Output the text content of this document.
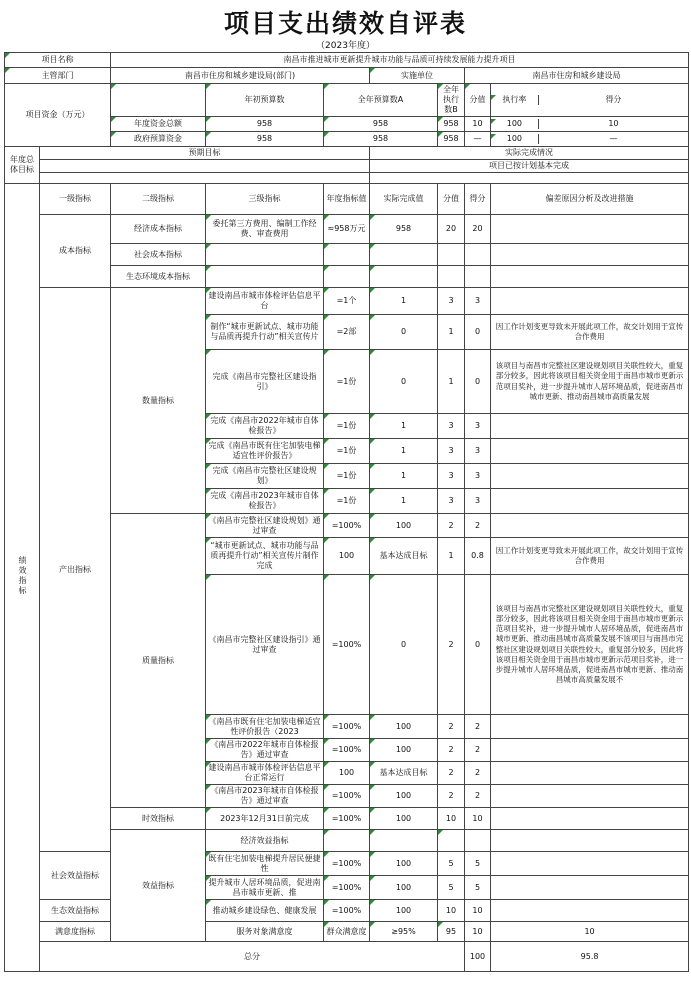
项目支出绩效自评表
（2023年度）
项目名称	南昌市推进城市更新提升城市功能与品质可持续发展能力提升项目
主管部门	南昌市住房和城乡建设局(部门)	实施单位	南昌市住房和城乡建设局
项目资金（万元）		年初预算数	全年预算数A	全年执行数B	分值	执行率	得分

年度资金总额	958	958	958	10		100	10

政府预算资金	958	958	958	—		100	—

年度总体目标	预期目标	实际完成情况
	项目已按计划基本完成

绩效指标	一级指标	二级指标	三级指标	年度指标值	实际完成值	分值	得分	偏差原因分析及改进措施
成本指标	经济成本指标	委托第三方费用、编制工作经费、审查费用	≈958万元	958	20	20	
社会成本指标						
生态环境成本指标						
产出指标	数量指标	建设南昌市城市体检评估信息平台	=1个	1	3	3	
制作“城市更新试点、城市功能与品质再提升行动”相关宣传片	=2部	0	1	0	因工作计划变更导致未开展此项工作，故交计划用于宣传合作费用
完成《南昌市完整社区建设指引》	=1份	0	1	0	该项目与南昌市完整社区建设规划项目关联性较大，重复部分较多，因此将该项目相关资金用于南昌市城市更新示范项目奖补，进一步提升城市人居环境品质，促进南昌市城市更新、推动南昌城市高质量发展
完成《南昌市2022年城市自体检报告》	=1份	1	3	3	
完成《南昌市既有住宅加装电梯适宜性评价报告》	=1份	1	3	3	
完成《南昌市完整社区建设规划》	=1份	1	3	3	
完成《南昌市2023年城市自体检报告》	=1份	1	3	3	
质量指标	《南昌市完整社区建设规划》通过审查	=100%	100	2	2	
“城市更新试点、城市功能与品质再提升行动”相关宣传片制作完成	100	基本达成目标	1	0.8	因工作计划变更导致未开展此项工作，故交计划用于宣传合作费用
《南昌市完整社区建设指引》通过审查	=100%	0	2	0	该项目与南昌市完整社区建设规划项目关联性较大，重复部分较多，因此将该项目相关资金用于南昌市城市更新示范项目奖补，进一步提升城市人居环境品质，促进南昌市城市更新、推动南昌城市高质量发展不该项目与南昌市完整社区建设规划项目关联性较大，重复部分较多，因此将该项目相关资金用于南昌市城市更新示范项目奖补，进一步提升城市人居环境品质，促进南昌市城市更新、推动南昌城市高质量发展不
《南昌市既有住宅加装电梯适宜性评价报告（2023	=100%	100	2	2	
《南昌市2022年城市自体检报告》通过审查	=100%	100	2	2	
建设南昌市城市体检评估信息平台正常运行	100	基本达成目标	2	2	
《南昌市2023年城市自体检报告》通过审查	=100%	100	2	2	
时效指标	2023年12月31日前完成	=100%	100	10	10	
效益指标	经济效益指标						
社会效益指标	既有住宅加装电梯提升居民便捷性	=100%	100	5	5	
提升城市人居环境品质，促进南昌市城市更新、推	=100%	100	5	5	
生态效益指标	推动城乡建设绿色、健康发展	=100%	100	10	10	
满意度指标	服务对象满意度	群众满意度	≥95%	95	10	10	
总分	100	95.8	
